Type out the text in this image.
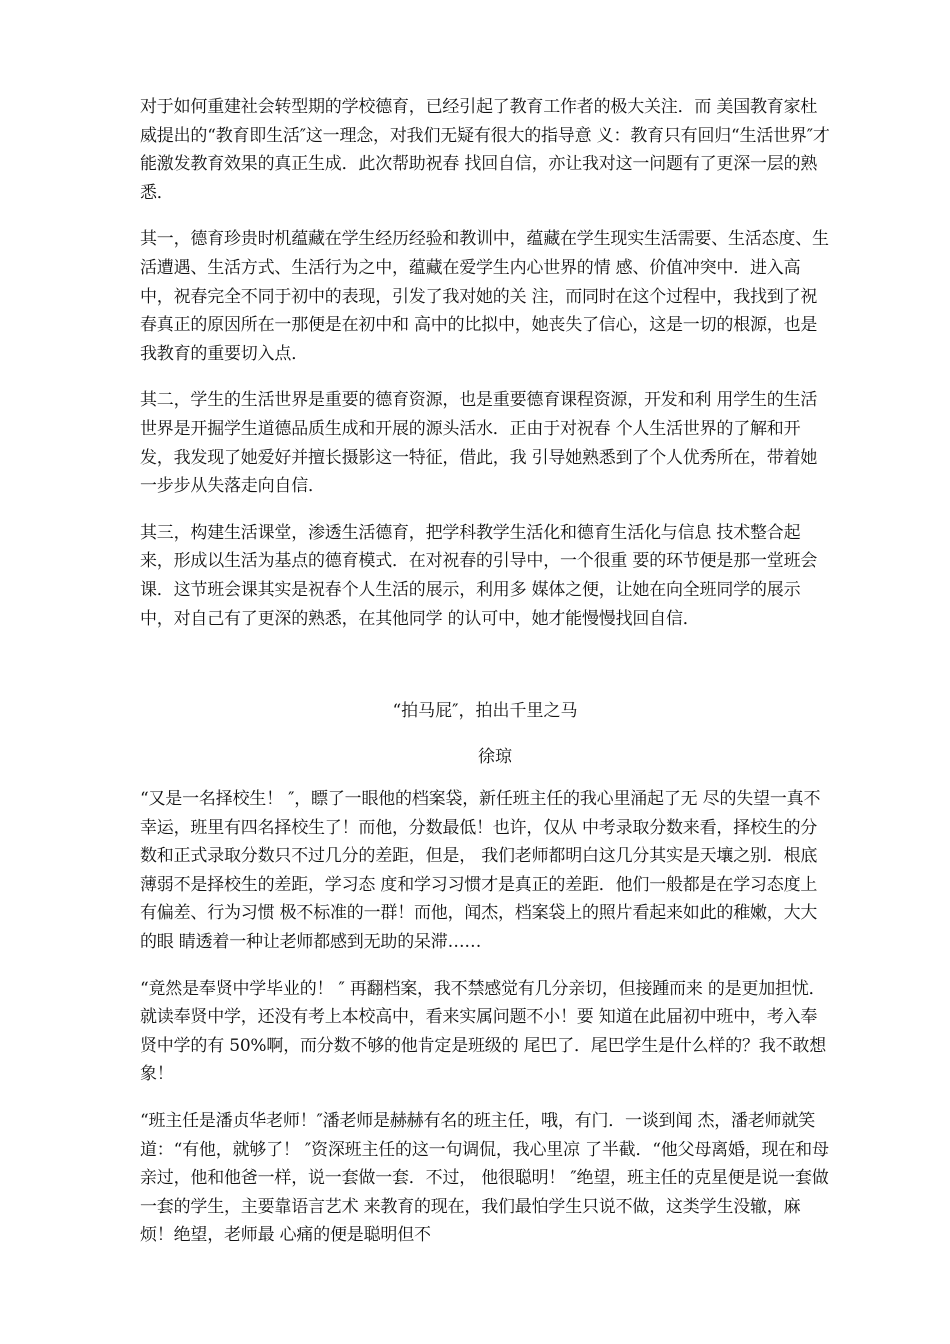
对于如何重建社会转型期的学校德育，已经引起了教育工作者的极大关注．而 美国教育家杜威提出的“教育即生活″这一理念，对我们无疑有很大的指导意 义：教育只有回归“生活世界″才能激发教育效果的真正生成．此次帮助祝春 找回自信，亦让我对这一问题有了更深一层的熟悉．

其一，德育珍贵时机蕴藏在学生经历经验和教训中，蕴藏在学生现实生活需要、生活态度、生活遭遇、生活方式、生活行为之中，蕴藏在爱学生内心世界的情 感、价值冲突中．进入高中，祝春完全不同于初中的表现，引发了我对她的关 注，而同时在这个过程中，我找到了祝春真正的原因所在一那便是在初中和 高中的比拟中，她丧失了信心，这是一切的根源，也是我教育的重要切入点．

其二，学生的生活世界是重要的德育资源，也是重要德育课程资源，开发和利 用学生的生活世界是开掘学生道德品质生成和开展的源头活水．正由于对祝春 个人生活世界的了解和开发，我发现了她爱好并擅长摄影这一特征，借此，我 引导她熟悉到了个人优秀所在，带着她一步步从失落走向自信．

其三，构建生活课堂，渗透生活德育，把学科教学生活化和德育生活化与信息 技术整合起来，形成以生活为基点的德育模式．在对祝春的引导中，一个很重 要的环节便是那一堂班会课．这节班会课其实是祝春个人生活的展示，利用多 媒体之便，让她在向全班同学的展示中，对自己有了更深的熟悉，在其他同学 的认可中，她才能慢慢找回自信．

“拍马屁″，拍出千里之马

徐琼

“又是一名择校生！ ″，瞟了一眼他的档案袋，新任班主任的我心里涌起了无 尽的失望一真不幸运，班里有四名择校生了！而他，分数最低！也许，仅从 中考录取分数来看，择校生的分数和正式录取分数只不过几分的差距，但是， 我们老师都明白这几分其实是天壤之别．根底薄弱不是择校生的差距，学习态 度和学习习惯才是真正的差距．他们一般都是在学习态度上有偏差、行为习惯 极不标准的一群！而他，闻杰，档案袋上的照片看起来如此的稚嫩，大大的眼 睛透着一种让老师都感到无助的呆滞……

“竟然是奉贤中学毕业的！ ″ 再翻档案，我不禁感觉有几分亲切，但接踵而来 的是更加担忧．就读奉贤中学，还没有考上本校高中，看来实属问题不小！要 知道在此届初中班中，考入奉贤中学的有 50%啊，而分数不够的他肯定是班级的 尾巴了．尾巴学生是什么样的？我不敢想象！

“班主任是潘贞华老师！″潘老师是赫赫有名的班主任，哦，有门．一谈到闻 杰，潘老师就笑道：“有他，就够了！ ″资深班主任的这一句调侃，我心里凉 了半截．“他父母离婚，现在和母亲过，他和他爸一样，说一套做一套．不过， 他很聪明！ ″绝望，班主任的克星便是说一套做一套的学生，主要靠语言艺术 来教育的现在，我们最怕学生只说不做，这类学生没辙，麻烦！绝望，老师最 心痛的便是聪明但不
